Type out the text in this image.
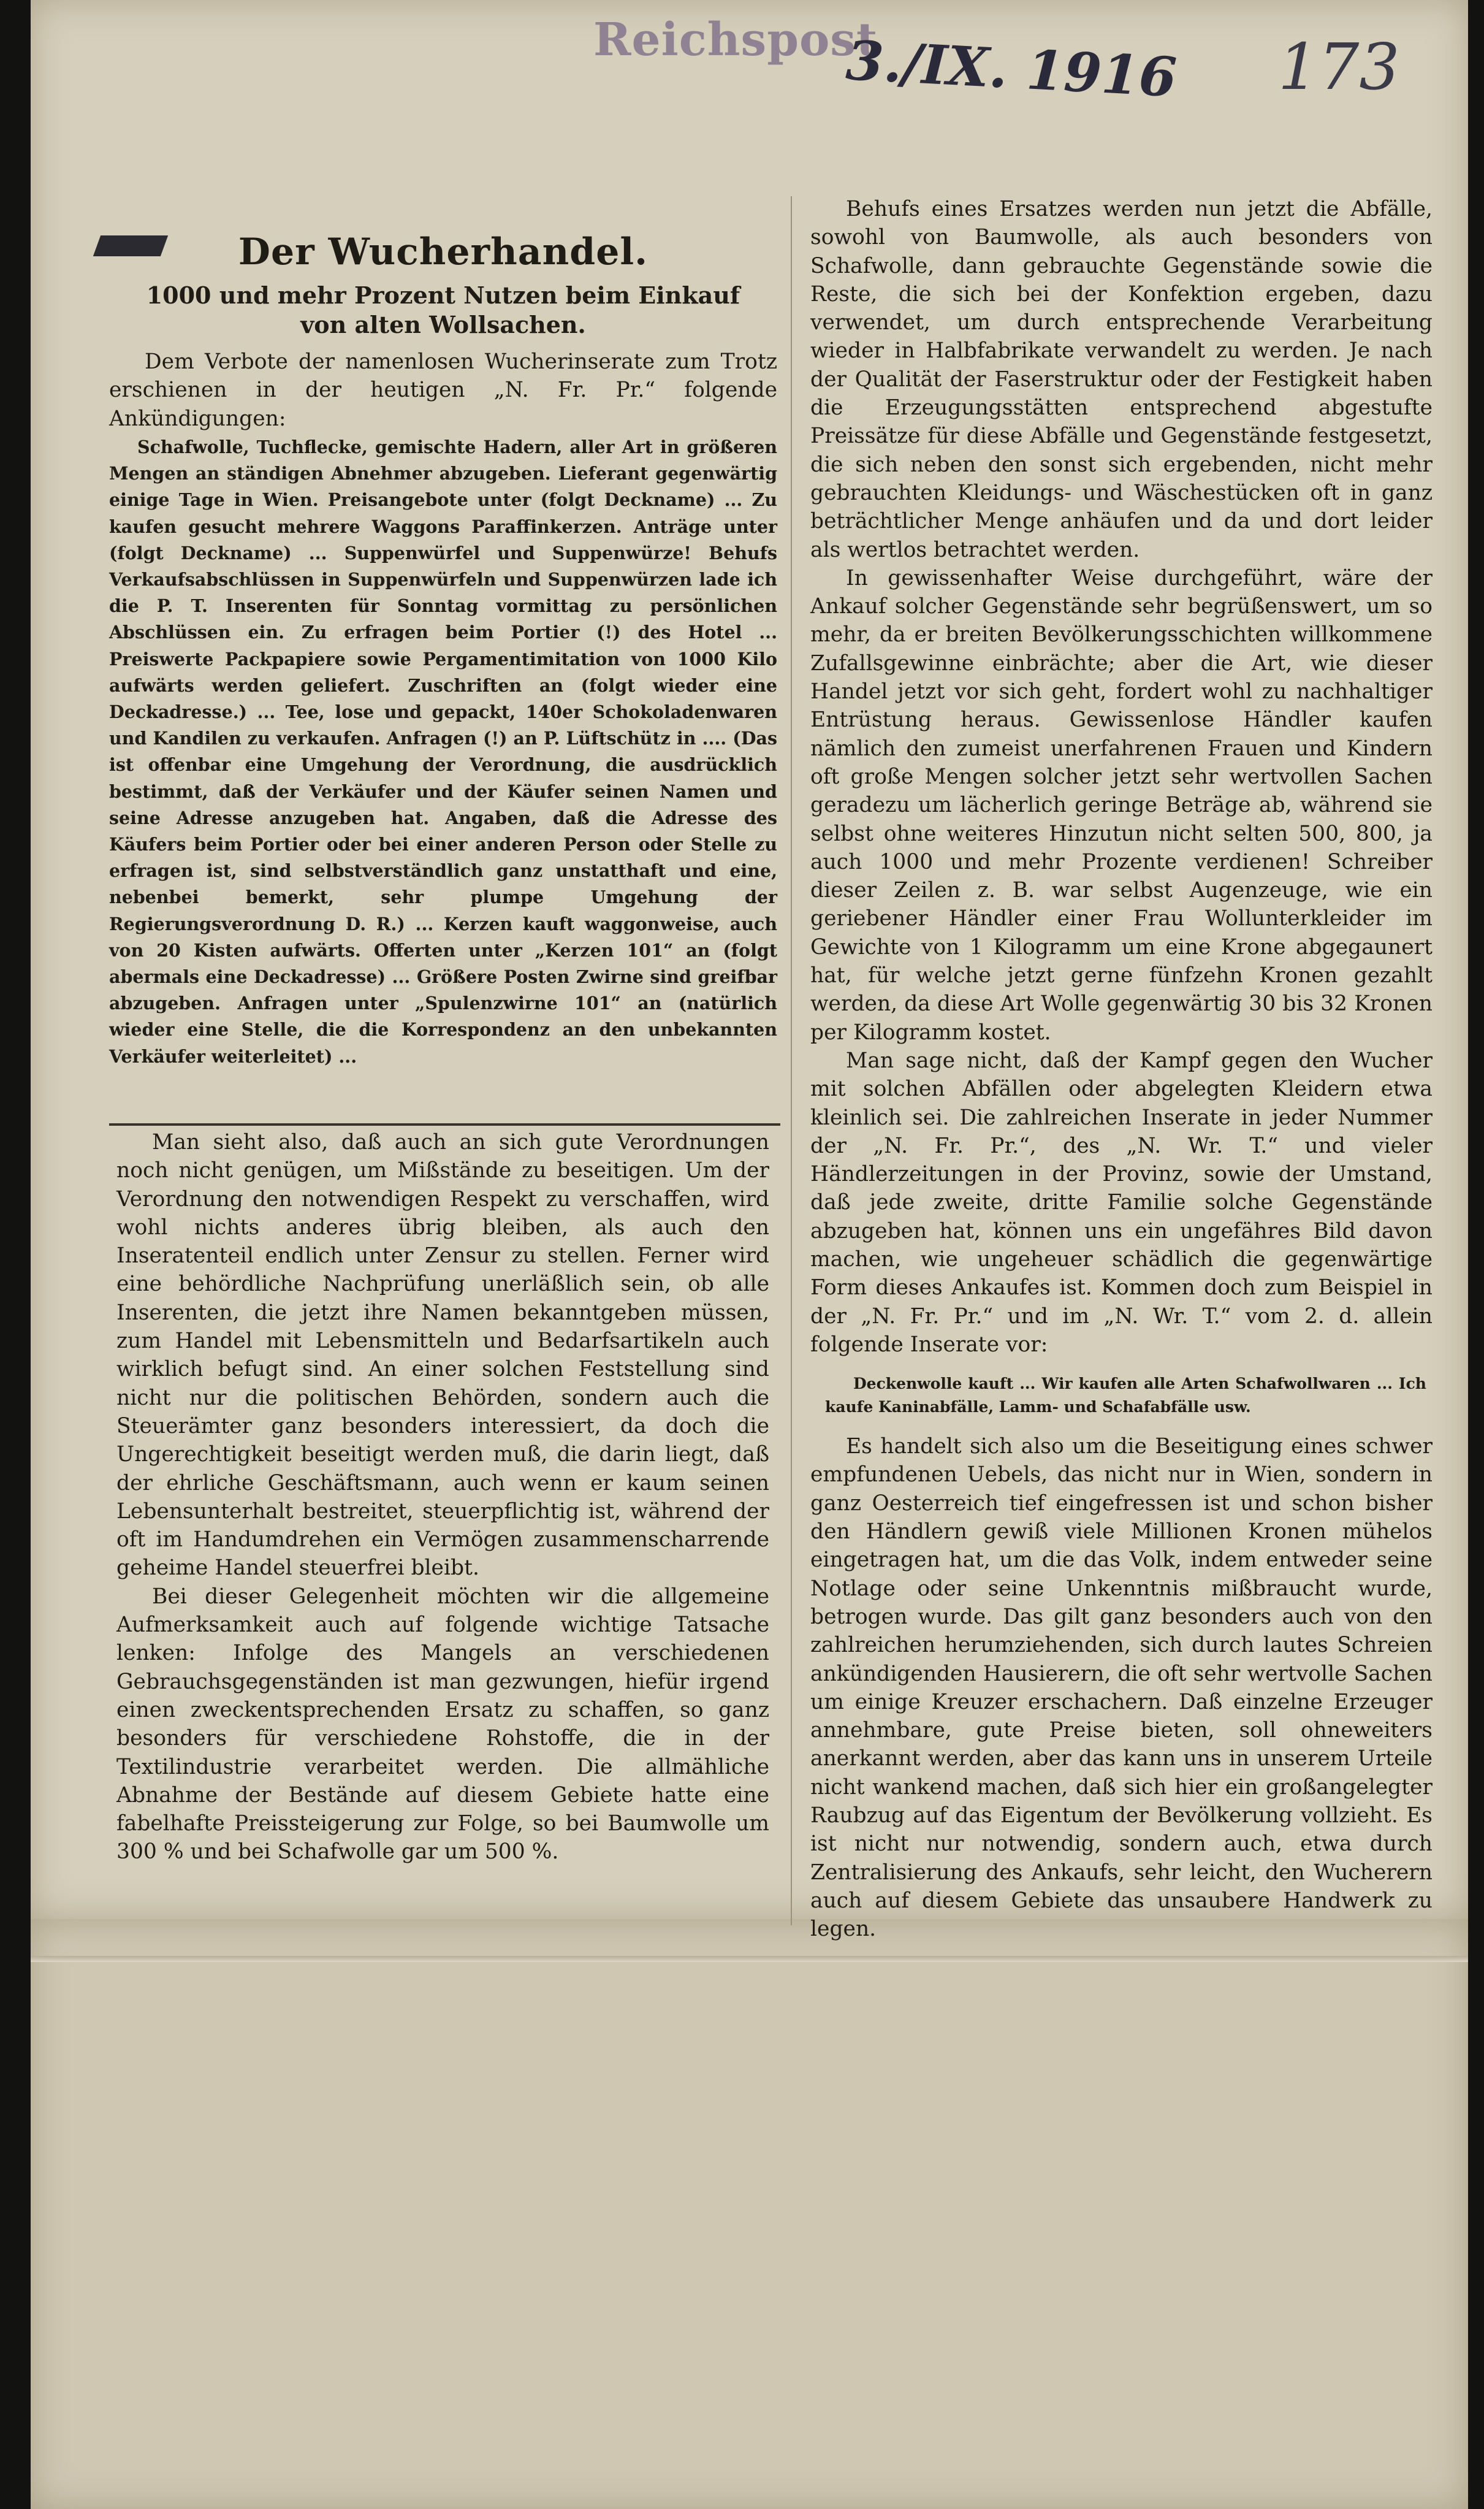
Reichspost
3./IX. 1916 173
Der Wucherhandel.
1000 und mehr Prozent Nutzen beim Einkauf von alten Wollsachen.

Dem Verbote der namenlosen Wucherinserate zum Trotz erschienen in der heutigen „N. Fr. Pr.“ folgende Ankündigungen:

Schafwolle, Tuchflecke, gemischte Hadern, aller Art in größeren Mengen an ständigen Abnehmer abzugeben. Lieferant gegenwärtig einige Tage in Wien. Preisangebote unter (folgt Deckname) ... Zu kaufen gesucht mehrere Waggons Paraffinkerzen. Anträge unter (folgt Deckname) ... Suppenwürfel und Suppenwürze! Behufs Verkaufsabschlüssen in Suppenwürfeln und Suppenwürzen lade ich die P. T. Inserenten für Sonntag vormittag zu persönlichen Abschlüssen ein. Zu erfragen beim Portier (!) des Hotel ... Preiswerte Packpapiere sowie Pergamentimitation von 1000 Kilo aufwärts werden geliefert. Zuschriften an (folgt wieder eine Deckadresse.) ... Tee, lose und gepackt, 140er Schokoladenwaren und Kandilen zu verkaufen. Anfragen (!) an P. Lüftschütz in .... (Das ist offenbar eine Umgehung der Verordnung, die ausdrücklich bestimmt, daß der Verkäufer und der Käufer seinen Namen und seine Adresse anzugeben hat. Angaben, daß die Adresse des Käufers beim Portier oder bei einer anderen Person oder Stelle zu erfragen ist, sind selbstverständlich ganz unstatthaft und eine, nebenbei bemerkt, sehr plumpe Umgehung der Regierungsverordnung D. R.) ... Kerzen kauft waggonweise, auch von 20 Kisten aufwärts. Offerten unter „Kerzen 101“ an (folgt abermals eine Deckadresse) ... Größere Posten Zwirne sind greifbar abzugeben. Anfragen unter „Spulenzwirne 101“ an (natürlich wieder eine Stelle, die die Korrespondenz an den unbekannten Verkäufer weiterleitet) ...

Man sieht also, daß auch an sich gute Verordnungen noch nicht genügen, um Mißstände zu beseitigen. Um der Verordnung den notwendigen Respekt zu verschaffen, wird wohl nichts anderes übrig bleiben, als auch den Inseratenteil endlich unter Zensur zu stellen. Ferner wird eine behördliche Nachprüfung unerläßlich sein, ob alle Inserenten, die jetzt ihre Namen bekanntgeben müssen, zum Handel mit Lebensmitteln und Bedarfsartikeln auch wirklich befugt sind. An einer solchen Feststellung sind nicht nur die politischen Behörden, sondern auch die Steuerämter ganz besonders interessiert, da doch die Ungerechtigkeit beseitigt werden muß, die darin liegt, daß der ehrliche Geschäftsmann, auch wenn er kaum seinen Lebensunterhalt bestreitet, steuerpflichtig ist, während der oft im Handumdrehen ein Vermögen zusammenscharrende geheime Handel steuerfrei bleibt.

Bei dieser Gelegenheit möchten wir die allgemeine Aufmerksamkeit auch auf folgende wichtige Tatsache lenken: Infolge des Mangels an verschiedenen Gebrauchsgegenständen ist man gezwungen, hiefür irgend einen zweckentsprechenden Ersatz zu schaffen, so ganz besonders für verschiedene Rohstoffe, die in der Textilindustrie verarbeitet werden. Die allmähliche Abnahme der Bestände auf diesem Gebiete hatte eine fabelhafte Preissteigerung zur Folge, so bei Baumwolle um 300 % und bei Schafwolle gar um 500 %.

Behufs eines Ersatzes werden nun jetzt die Abfälle, sowohl von Baumwolle, als auch besonders von Schafwolle, dann gebrauchte Gegenstände sowie die Reste, die sich bei der Konfektion ergeben, dazu verwendet, um durch entsprechende Verarbeitung wieder in Halbfabrikate verwandelt zu werden. Je nach der Qualität der Faserstruktur oder der Festigkeit haben die Erzeugungsstätten entsprechend abgestufte Preissätze für diese Abfälle und Gegenstände festgesetzt, die sich neben den sonst sich ergebenden, nicht mehr gebrauchten Kleidungs- und Wäschestücken oft in ganz beträchtlicher Menge anhäufen und da und dort leider als wertlos betrachtet werden.

In gewissenhafter Weise durchgeführt, wäre der Ankauf solcher Gegenstände sehr begrüßenswert, um so mehr, da er breiten Bevölkerungsschichten willkommene Zufallsgewinne einbrächte; aber die Art, wie dieser Handel jetzt vor sich geht, fordert wohl zu nachhaltiger Entrüstung heraus. Gewissenlose Händler kaufen nämlich den zumeist unerfahrenen Frauen und Kindern oft große Mengen solcher jetzt sehr wertvollen Sachen geradezu um lächerlich geringe Beträge ab, während sie selbst ohne weiteres Hinzutun nicht selten 500, 800, ja auch 1000 und mehr Prozente verdienen! Schreiber dieser Zeilen z. B. war selbst Augenzeuge, wie ein geriebener Händler einer Frau Wollunterkleider im Gewichte von 1 Kilogramm um eine Krone abgegaunert hat, für welche jetzt gerne fünfzehn Kronen gezahlt werden, da diese Art Wolle gegenwärtig 30 bis 32 Kronen per Kilogramm kostet.

Man sage nicht, daß der Kampf gegen den Wucher mit solchen Abfällen oder abgelegten Kleidern etwa kleinlich sei. Die zahlreichen Inserate in jeder Nummer der „N. Fr. Pr.“, des „N. Wr. T.“ und vieler Händlerzeitungen in der Provinz, sowie der Umstand, daß jede zweite, dritte Familie solche Gegenstände abzugeben hat, können uns ein ungefähres Bild davon machen, wie ungeheuer schädlich die gegenwärtige Form dieses Ankaufes ist. Kommen doch zum Beispiel in der „N. Fr. Pr.“ und im „N. Wr. T.“ vom 2. d. allein folgende Inserate vor:

Deckenwolle kauft ... Wir kaufen alle Arten Schafwollwaren ... Ich kaufe Kaninabfälle, Lamm- und Schafabfälle usw.

Es handelt sich also um die Beseitigung eines schwer empfundenen Uebels, das nicht nur in Wien, sondern in ganz Oesterreich tief eingefressen ist und schon bisher den Händlern gewiß viele Millionen Kronen mühelos eingetragen hat, um die das Volk, indem entweder seine Notlage oder seine Unkenntnis mißbraucht wurde, betrogen wurde. Das gilt ganz besonders auch von den zahlreichen herumziehenden, sich durch lautes Schreien ankündigenden Hausierern, die oft sehr wertvolle Sachen um einige Kreuzer erschachern. Daß einzelne Erzeuger annehmbare, gute Preise bieten, soll ohneweiters anerkannt werden, aber das kann uns in unserem Urteile nicht wankend machen, daß sich hier ein großangelegter Raubzug auf das Eigentum der Bevölkerung vollzieht. Es ist nicht nur notwendig, sondern auch, etwa durch Zentralisierung des Ankaufs, sehr leicht, den Wucherern auch auf diesem Gebiete das unsaubere Handwerk zu legen.
